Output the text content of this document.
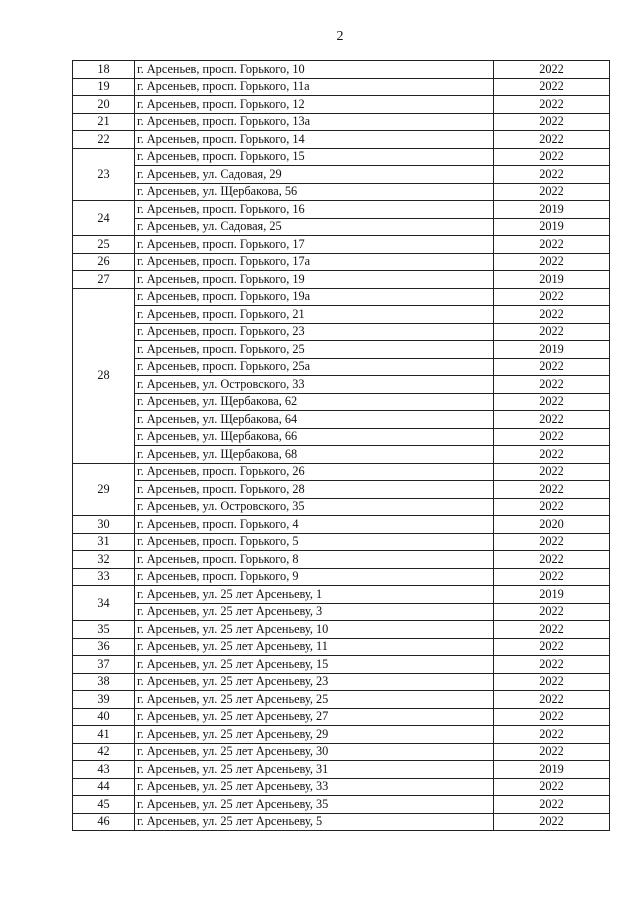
2
18	г. Арсеньев, просп. Горького, 10	2022
19	г. Арсеньев, просп. Горького, 11а	2022
20	г. Арсеньев, просп. Горького, 12	2022
21	г. Арсеньев, просп. Горького, 13а	2022
22	г. Арсеньев, просп. Горького, 14	2022
23	г. Арсеньев, просп. Горького, 15	2022
	г. Арсеньев, ул. Садовая, 29	2022
	г. Арсеньев, ул. Щербакова, 56	2022
24	г. Арсеньев, просп. Горького, 16	2019
	г. Арсеньев, ул. Садовая, 25	2019
25	г. Арсеньев, просп. Горького, 17	2022
26	г. Арсеньев, просп. Горького, 17а	2022
27	г. Арсеньев, просп. Горького, 19	2019
28	г. Арсеньев, просп. Горького, 19а	2022
	г. Арсеньев, просп. Горького, 21	2022
	г. Арсеньев, просп. Горького, 23	2022
	г. Арсеньев, просп. Горького, 25	2019
	г. Арсеньев, просп. Горького, 25а	2022
	г. Арсеньев, ул. Островского, 33	2022
	г. Арсеньев, ул. Щербакова, 62	2022
	г. Арсеньев, ул. Щербакова, 64	2022
	г. Арсеньев, ул. Щербакова, 66	2022
	г. Арсеньев, ул. Щербакова, 68	2022
29	г. Арсеньев, просп. Горького, 26	2022
	г. Арсеньев, просп. Горького, 28	2022
	г. Арсеньев, ул. Островского, 35	2022
30	г. Арсеньев, просп. Горького, 4	2020
31	г. Арсеньев, просп. Горького, 5	2022
32	г. Арсеньев, просп. Горького, 8	2022
33	г. Арсеньев, просп. Горького, 9	2022
34	г. Арсеньев, ул. 25 лет Арсеньеву, 1	2019
	г. Арсеньев, ул. 25 лет Арсеньеву, 3	2022
35	г. Арсеньев, ул. 25 лет Арсеньеву, 10	2022
36	г. Арсеньев, ул. 25 лет Арсеньеву, 11	2022
37	г. Арсеньев, ул. 25 лет Арсеньеву, 15	2022
38	г. Арсеньев, ул. 25 лет Арсеньеву, 23	2022
39	г. Арсеньев, ул. 25 лет Арсеньеву, 25	2022
40	г. Арсеньев, ул. 25 лет Арсеньеву, 27	2022
41	г. Арсеньев, ул. 25 лет Арсеньеву, 29	2022
42	г. Арсеньев, ул. 25 лет Арсеньеву, 30	2022
43	г. Арсеньев, ул. 25 лет Арсеньеву, 31	2019
44	г. Арсеньев, ул. 25 лет Арсеньеву, 33	2022
45	г. Арсеньев, ул. 25 лет Арсеньеву, 35	2022
46	г. Арсеньев, ул. 25 лет Арсеньеву, 5	2022
